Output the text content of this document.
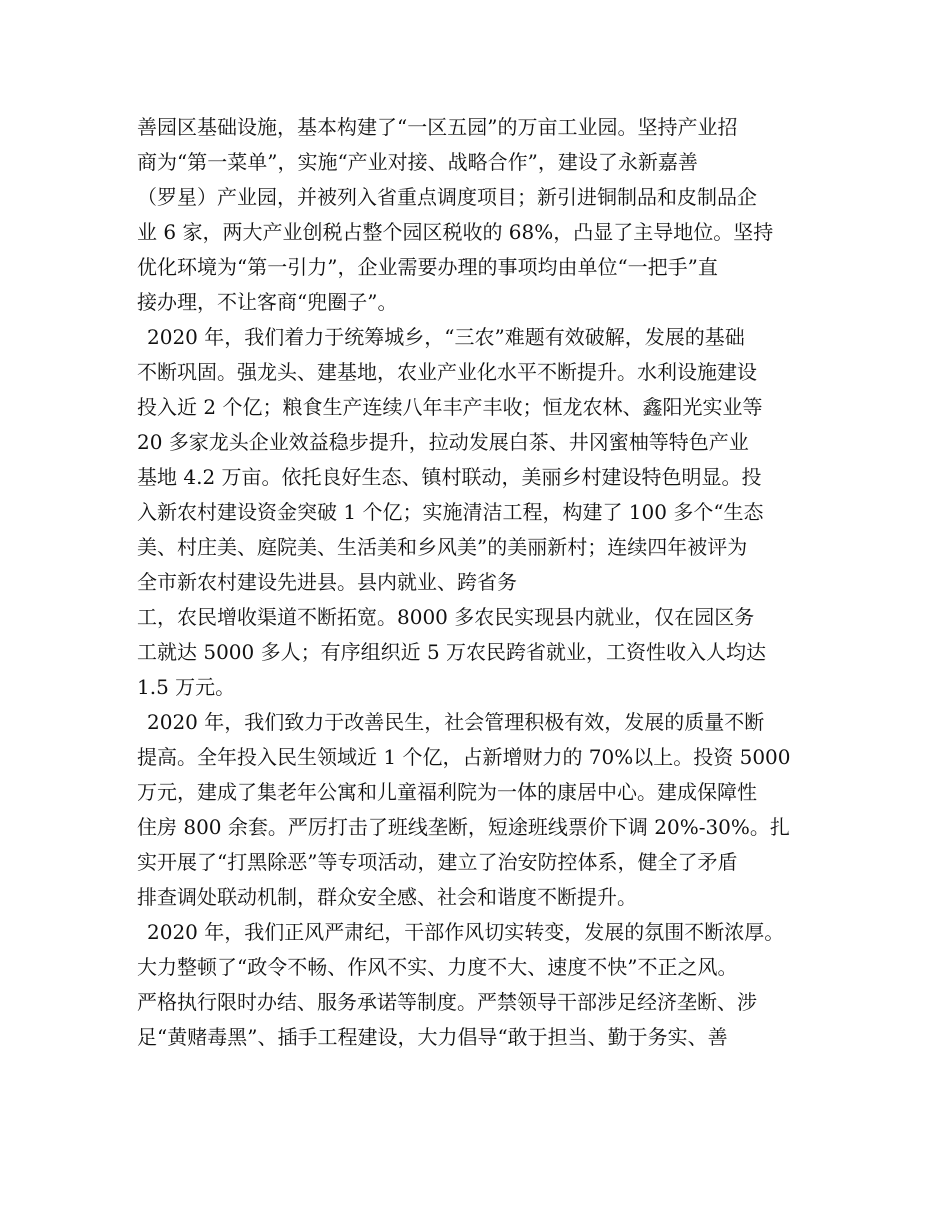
善园区基础设施，基本构建了“一区五园”的万亩工业园。坚持产业招
商为“第一菜单”，实施“产业对接、战略合作”，建设了永新嘉善
（罗星）产业园，并被列入省重点调度项目；新引进铜制品和皮制品企
业 6 家，两大产业创税占整个园区税收的 68%，凸显了主导地位。坚持
优化环境为“第一引力”，企业需要办理的事项均由单位“一把手”直
接办理，不让客商“兜圈子”。
2020 年，我们着力于统筹城乡，“三农”难题有效破解，发展的基础
不断巩固。强龙头、建基地，农业产业化水平不断提升。水利设施建设
投入近 2 个亿；粮食生产连续八年丰产丰收；恒龙农林、鑫阳光实业等
20 多家龙头企业效益稳步提升，拉动发展白茶、井冈蜜柚等特色产业
基地 4.2 万亩。依托良好生态、镇村联动，美丽乡村建设特色明显。投
入新农村建设资金突破 1 个亿；实施清洁工程，构建了 100 多个“生态
美、村庄美、庭院美、生活美和乡风美”的美丽新村；连续四年被评为
全市新农村建设先进县。县内就业、跨省务
工，农民增收渠道不断拓宽。8000 多农民实现县内就业，仅在园区务
工就达 5000 多人；有序组织近 5 万农民跨省就业，工资性收入人均达
1.5 万元。
2020 年，我们致力于改善民生，社会管理积极有效，发展的质量不断
提高。全年投入民生领域近 1 个亿，占新增财力的 70%以上。投资 5000
万元，建成了集老年公寓和儿童福利院为一体的康居中心。建成保障性
住房 800 余套。严厉打击了班线垄断，短途班线票价下调 20%-30%。扎
实开展了“打黑除恶”等专项活动，建立了治安防控体系，健全了矛盾
排查调处联动机制，群众安全感、社会和谐度不断提升。
2020 年，我们正风严肃纪，干部作风切实转变，发展的氛围不断浓厚。
大力整顿了“政令不畅、作风不实、力度不大、速度不快”不正之风。
严格执行限时办结、服务承诺等制度。严禁领导干部涉足经济垄断、涉
足“黄赌毒黑”、插手工程建设，大力倡导“敢于担当、勤于务实、善
